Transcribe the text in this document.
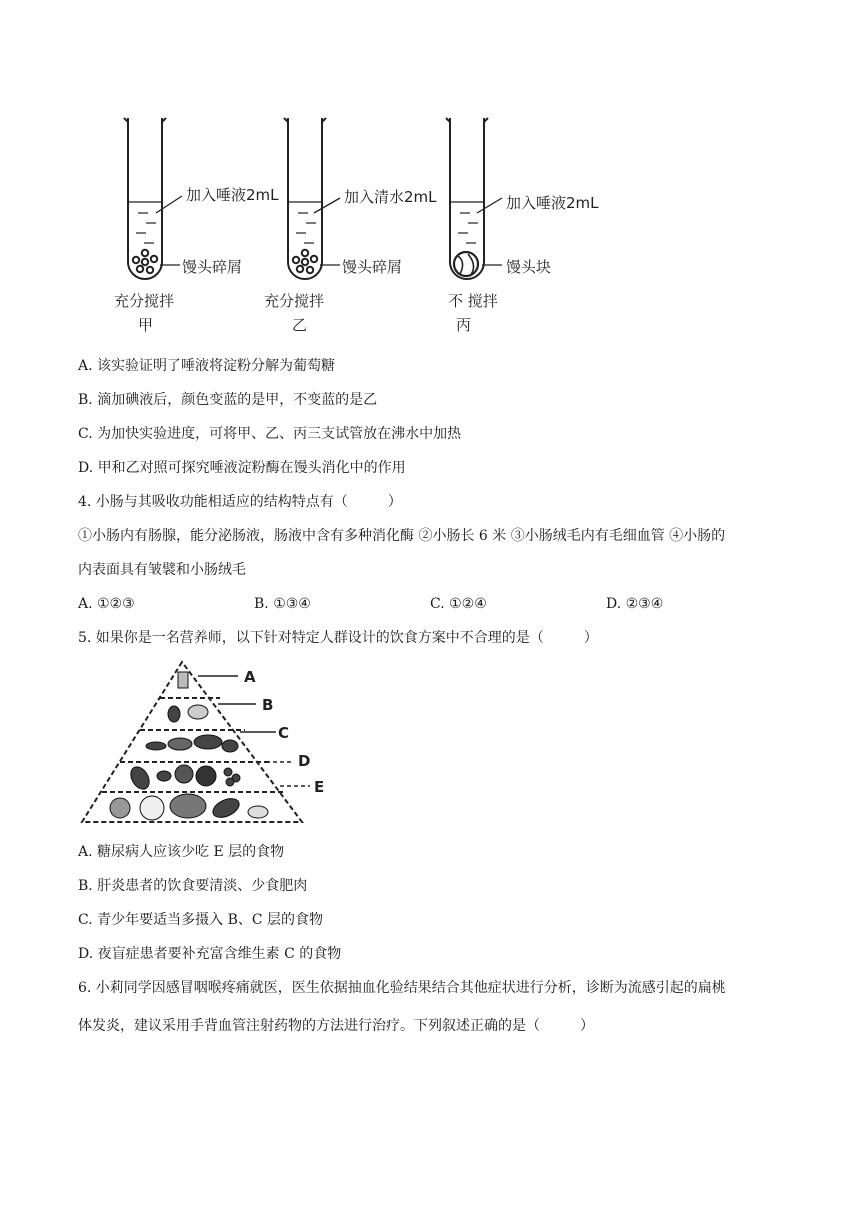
加入唾液2mL
馒头碎屑
充分搅拌
甲
加入清水2mL
馒头碎屑
充分搅拌
乙
加入唾液2mL
馒头块
不 搅拌
丙
A. 该实验证明了唾液将淀粉分解为葡萄糖
B. 滴加碘液后，颜色变蓝的是甲，不变蓝的是乙
C. 为加快实验进度，可将甲、乙、丙三支试管放在沸水中加热
D. 甲和乙对照可探究唾液淀粉酶在馒头消化中的作用
4. 小肠与其吸收功能相适应的结构特点有（	）
①小肠内有肠腺，能分泌肠液，肠液中含有多种消化酶 ②小肠长 6 米 ③小肠绒毛内有毛细血管 ④小肠的
内表面具有皱襞和小肠绒毛
A. ①②③	B. ①③④	C. ①②④	D. ②③④
5. 如果你是一名营养师，以下针对特定人群设计的饮食方案中不合理的是（	）
A
B
C
D
E
A. 糖尿病人应该少吃 E 层的食物
B. 肝炎患者的饮食要清淡、少食肥肉
C. 青少年要适当多摄入 B、C 层的食物
D. 夜盲症患者要补充富含维生素 C 的食物
6. 小莉同学因感冒咽喉疼痛就医，医生依据抽血化验结果结合其他症状进行分析，诊断为流感引起的扁桃
体发炎，建议采用手背血管注射药物的方法进行治疗。下列叙述正确的是（	）
